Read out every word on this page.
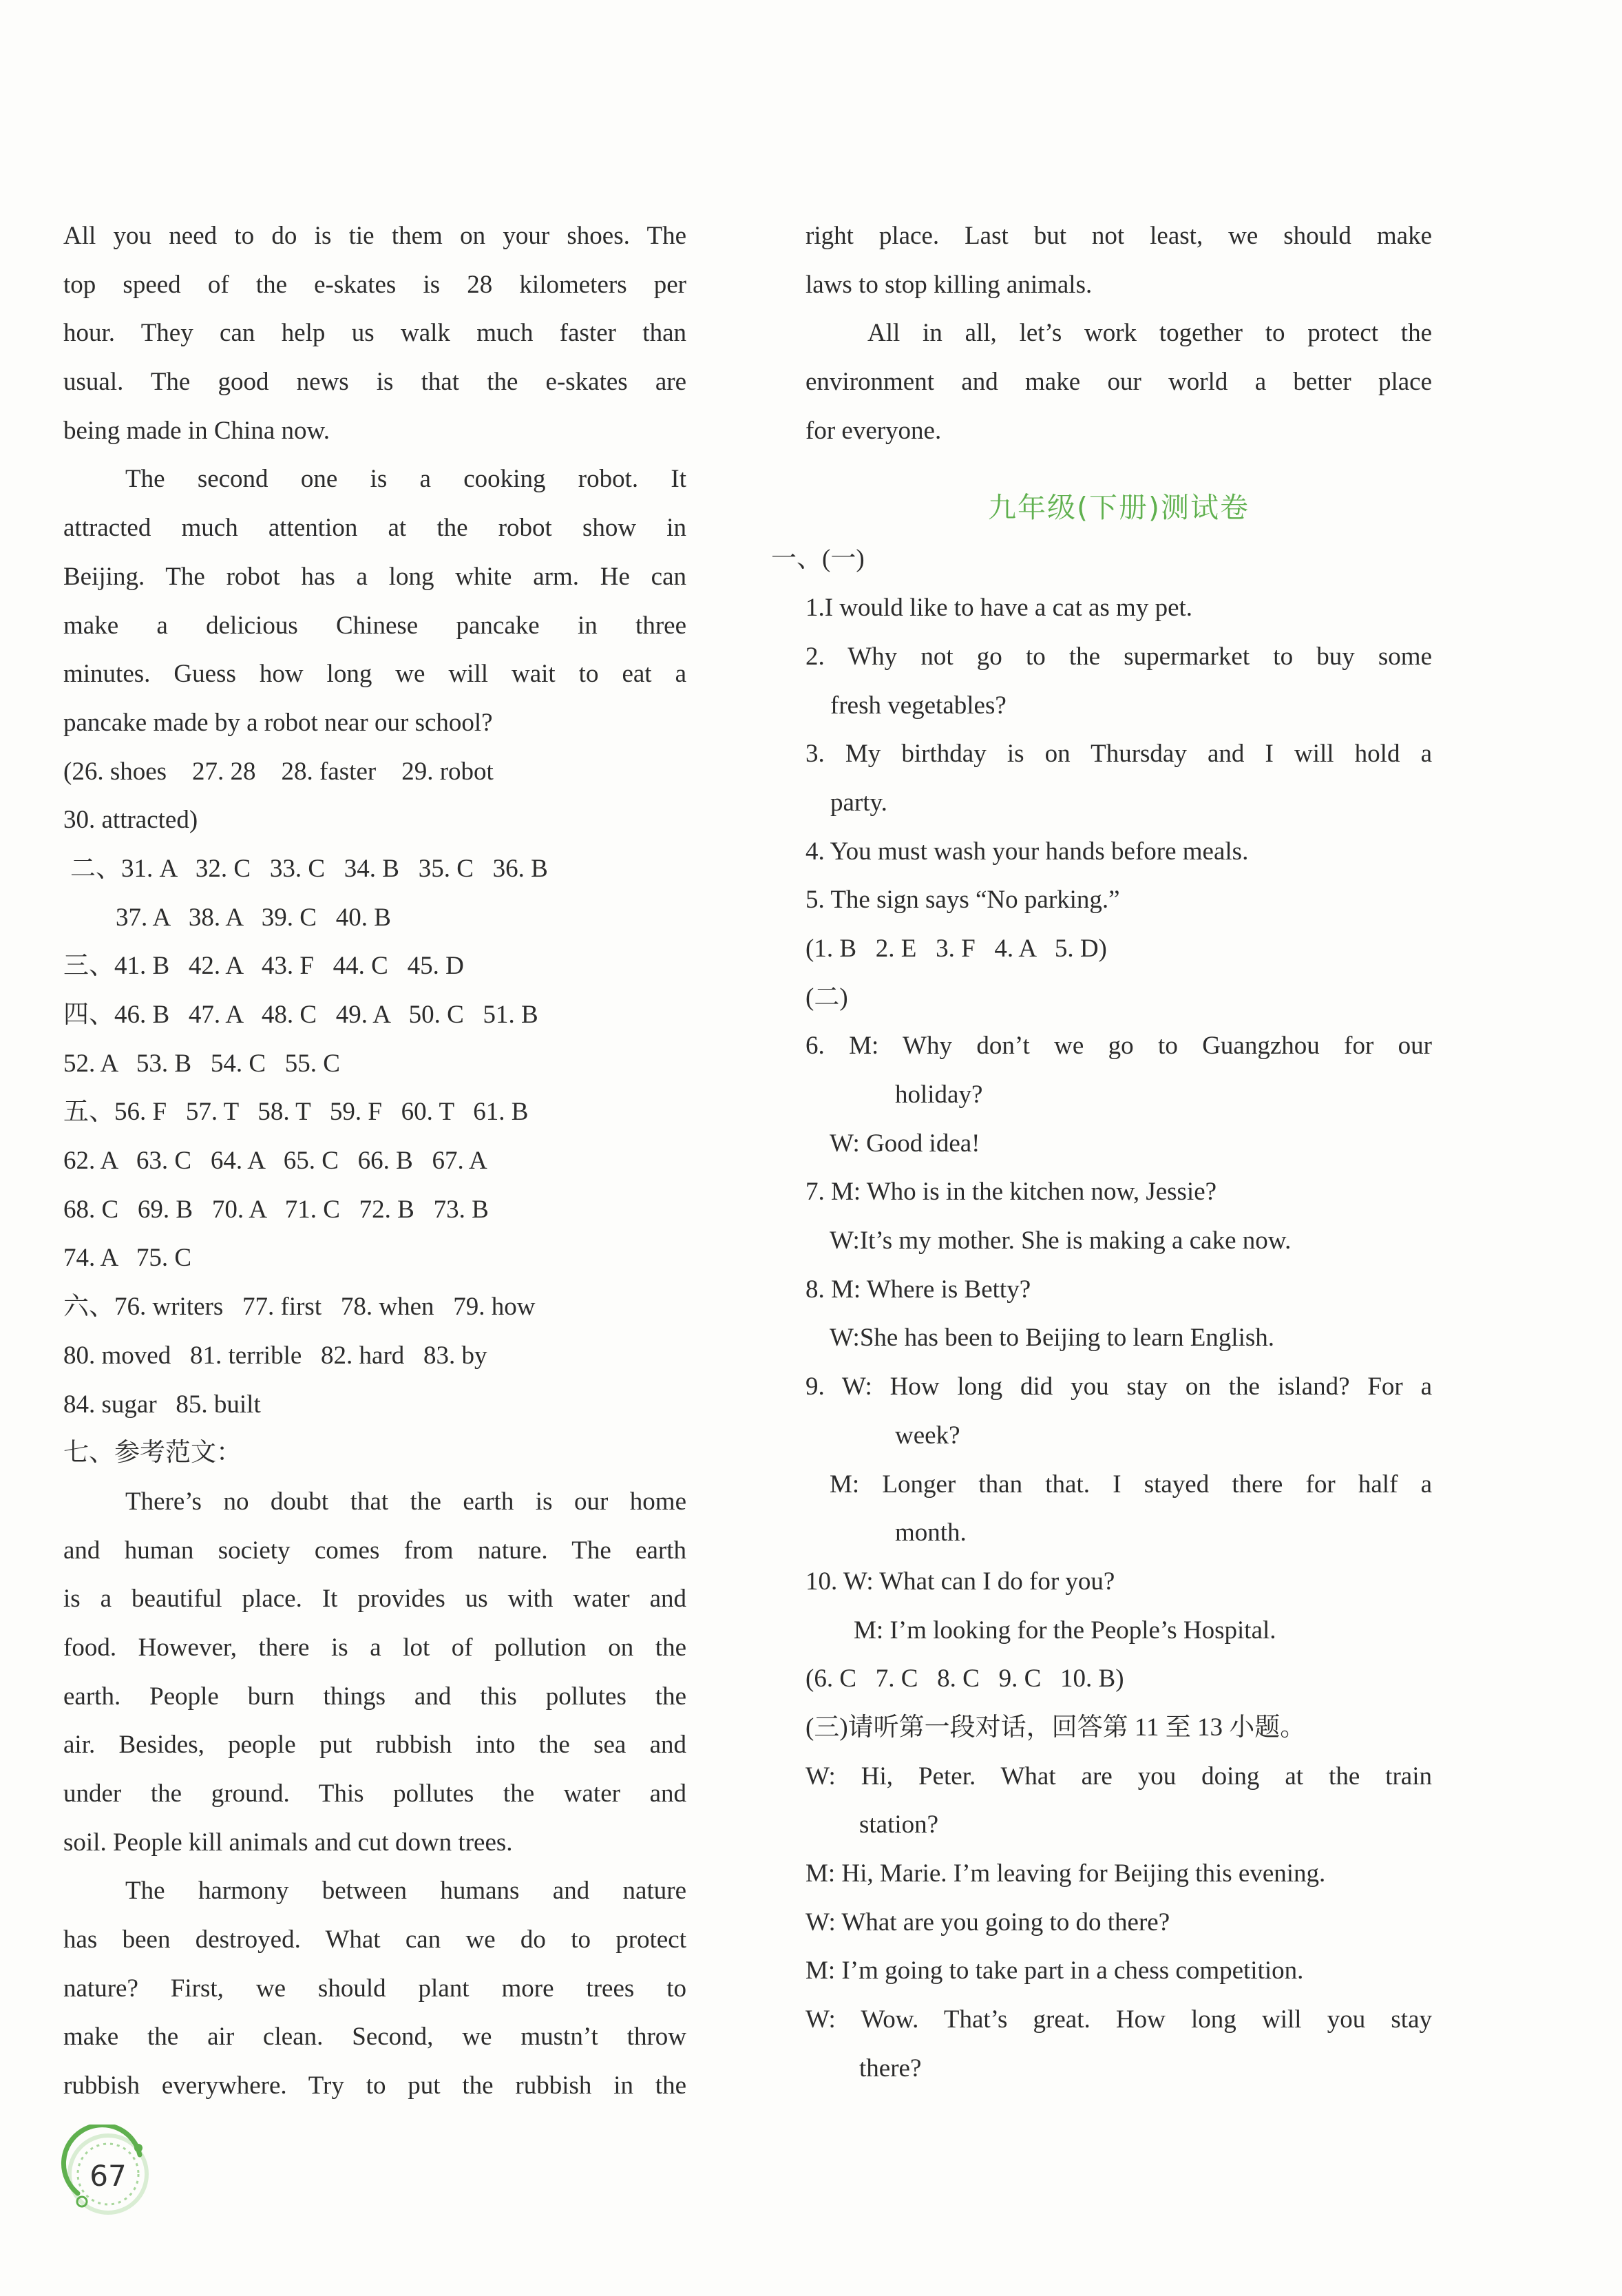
All you need to do is tie them on your shoes. The
top speed of the e-skates is 28 kilometers per
hour. They can help us walk much faster than
usual. The good news is that the e-skates are
being made in China now.
The second one is a cooking robot. It
attracted much attention at the robot show in
Beijing. The robot has a long white arm. He can
make a delicious Chinese pancake in three
minutes. Guess how long we will wait to eat a
pancake made by a robot near our school?
(26. shoes    27. 28    28. faster    29. robot
30. attracted)
二、31. A   32. C   33. C   34. B   35. C   36. B
37. A   38. A   39. C   40. B
三、41. B   42. A   43. F   44. C   45. D
四、46. B   47. A   48. C   49. A   50. C   51. B
52. A   53. B   54. C   55. C
五、56. F   57. T   58. T   59. F   60. T   61. B
62. A   63. C   64. A   65. C   66. B   67. A
68. C   69. B   70. A   71. C   72. B   73. B
74. A   75. C
六、76. writers   77. first   78. when   79. how
80. moved   81. terrible   82. hard   83. by
84. sugar   85. built
七、参考范文：
There’s no doubt that the earth is our home
and human society comes from nature. The earth
is a beautiful place. It provides us with water and
food. However, there is a lot of pollution on the
earth. People burn things and this pollutes the
air. Besides, people put rubbish into the sea and
under the ground. This pollutes the water and
soil. People kill animals and cut down trees.
The harmony between humans and nature
has been destroyed. What can we do to protect
nature? First, we should plant more trees to
make the air clean. Second, we mustn’t throw
rubbish everywhere. Try to put the rubbish in the
right place. Last but not least, we should make
laws to stop killing animals.
All in all, let’s work together to protect the
environment and make our world a better place
for everyone.
九年级(下册)测试卷
一、(一)
1.I would like to have a cat as my pet.
2. Why not go to the supermarket to buy some
fresh vegetables?
3. My birthday is on Thursday and I will hold a
party.
4. You must wash your hands before meals.
5. The sign says “No parking.”
(1. B   2. E   3. F   4. A   5. D)
(二)
6. M: Why don’t we go to Guangzhou for our
holiday?
W: Good idea!
7. M: Who is in the kitchen now, Jessie?
W:It’s my mother. She is making a cake now.
8. M: Where is Betty?
W:She has been to Beijing to learn English.
9. W: How long did you stay on the island? For a
week?
M: Longer than that. I stayed there for half a
month.
10. W: What can I do for you?
M: I’m looking for the People’s Hospital.
(6. C   7. C   8. C   9. C   10. B)
(三)请听第一段对话，回答第 11 至 13 小题。
W: Hi, Peter. What are you doing at the train
station?
M: Hi, Marie. I’m leaving for Beijing this evening.
W: What are you going to do there?
M: I’m going to take part in a chess competition.
W: Wow. That’s great. How long will you stay
there?
67
